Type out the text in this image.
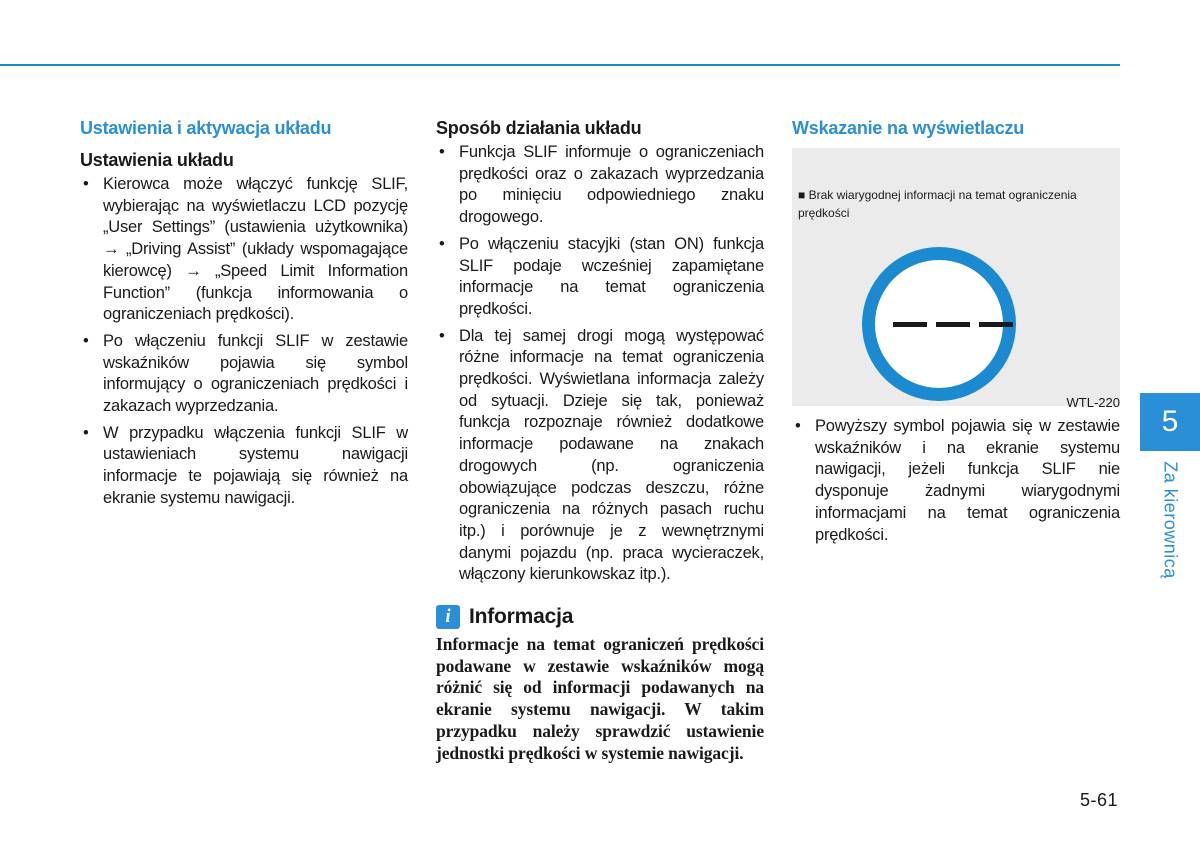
Ustawienia i aktywacja układu
Ustawienia układu
• Kierowca może włączyć funkcję SLIF, wybierając na wyświetlaczu LCD pozycję „User Settings” (ustawienia użytkownika) → „Driving Assist” (układy wspomagające kierowcę) → „Speed Limit Information Function” (funkcja informowania o ograniczeniach prędkości).
• Po włączeniu funkcji SLIF w zestawie wskaźników pojawia się symbol informujący o ograniczeniach prędkości i zakazach wyprzedzania.
• W przypadku włączenia funkcji SLIF w ustawieniach systemu nawigacji informacje te pojawiają się również na ekranie systemu nawigacji.
Sposób działania układu
• Funkcja SLIF informuje o ograniczeniach prędkości oraz o zakazach wyprzedzania po minięciu odpowiedniego znaku drogowego.
• Po włączeniu stacyjki (stan ON) funkcja SLIF podaje wcześniej zapamiętane informacje na temat ograniczenia prędkości.
• Dla tej samej drogi mogą występować różne informacje na temat ograniczenia prędkości. Wyświetlana informacja zależy od sytuacji. Dzieje się tak, ponieważ funkcja rozpoznaje również dodatkowe informacje podawane na znakach drogowych (np. ograniczenia obowiązujące podczas deszczu, różne ograniczenia na różnych pasach ruchu itp.) i porównuje je z wewnętrznymi danymi pojazdu (np. praca wycieraczek, włączony kierunkowskaz itp.).
i Informacja

Informacje na temat ograniczeń prędkości podawane w zestawie wskaźników mogą różnić się od informacji podawanych na ekranie systemu nawigacji. W takim przypadku należy sprawdzić ustawienie jednostki prędkości w systemie nawigacji.

Wskazanie na wyświetlaczu
■ Brak wiarygodnej informacji na temat ograniczenia prędkości
WTL-220
• Powyższy symbol pojawia się w zestawie wskaźników i na ekranie systemu nawigacji, jeżeli funkcja SLIF nie dysponuje żadnymi wiarygodnymi informacjami na temat ograniczenia prędkości.
5
Za kierownicą
5-61
